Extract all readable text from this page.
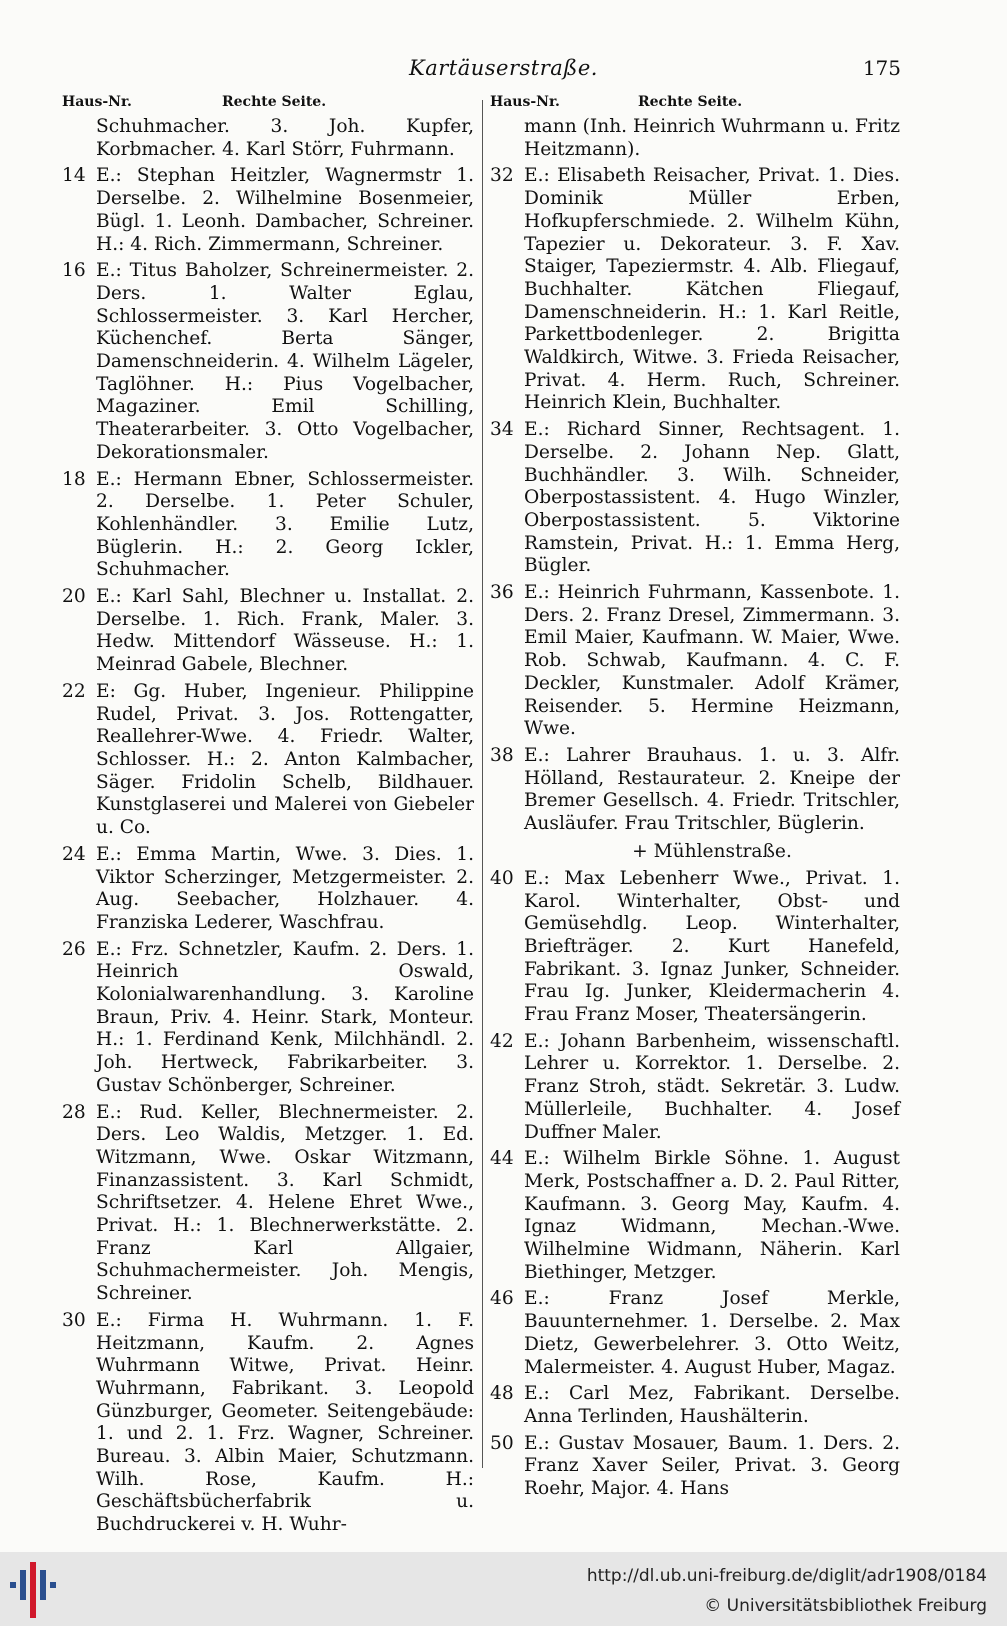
Kartäuserstraße.	175
Haus-Nr.	Rechte Seite.
Schuhmacher. 3. Joh. Kupfer, Korbmacher. 4. Karl Störr, Fuhrmann.
14 E.: Stephan Heitzler, Wagnermstr 1. Derselbe. 2. Wilhelmine Bosenmeier, Bügl. 1. Leonh. Dambacher, Schreiner. H.: 4. Rich. Zimmermann, Schreiner.
16 E.: Titus Baholzer, Schreinermeister. 2. Ders. 1. Walter Eglau, Schlossermeister. 3. Karl Hercher, Küchenchef. Berta Sänger, Damenschneiderin. 4. Wilhelm Lägeler, Taglöhner. H.: Pius Vogelbacher, Magaziner. Emil Schilling, Theaterarbeiter. 3. Otto Vogelbacher, Dekorationsmaler.
18 E.: Hermann Ebner, Schlossermeister. 2. Derselbe. 1. Peter Schuler, Kohlenhändler. 3. Emilie Lutz, Büglerin. H.: 2. Georg Ickler, Schuhmacher.
20 E.: Karl Sahl, Blechner u. Installat. 2. Derselbe. 1. Rich. Frank, Maler. 3. Hedw. Mittendorf Wässeuse. H.: 1. Meinrad Gabele, Blechner.
22 E: Gg. Huber, Ingenieur. Philippine Rudel, Privat. 3. Jos. Rottengatter, Reallehrer-Wwe. 4. Friedr. Walter, Schlosser. H.: 2. Anton Kalmbacher, Säger. Fridolin Schelb, Bildhauer. Kunstglaserei und Malerei von Giebeler u. Co.
24 E.: Emma Martin, Wwe. 3. Dies. 1. Viktor Scherzinger, Metzgermeister. 2. Aug. Seebacher, Holzhauer. 4. Franziska Lederer, Waschfrau.
26 E.: Frz. Schnetzler, Kaufm. 2. Ders. 1. Heinrich Oswald, Kolonialwarenhandlung. 3. Karoline Braun, Priv. 4. Heinr. Stark, Monteur. H.: 1. Ferdinand Kenk, Milchhändl. 2. Joh. Hertweck, Fabrikarbeiter. 3. Gustav Schönberger, Schreiner.
28 E.: Rud. Keller, Blechnermeister. 2. Ders. Leo Waldis, Metzger. 1. Ed. Witzmann, Wwe. Oskar Witzmann, Finanzassistent. 3. Karl Schmidt, Schriftsetzer. 4. Helene Ehret Wwe., Privat. H.: 1. Blechnerwerkstätte. 2. Franz Karl Allgaier, Schuhmachermeister. Joh. Mengis, Schreiner.
30 E.: Firma H. Wuhrmann. 1. F. Heitzmann, Kaufm. 2. Agnes Wuhrmann Witwe, Privat. Heinr. Wuhrmann, Fabrikant. 3. Leopold Günzburger, Geometer. Seitengebäude: 1. und 2. 1. Frz. Wagner, Schreiner. Bureau. 3. Albin Maier, Schutzmann. Wilh. Rose, Kaufm. H.: Geschäftsbücherfabrik u. Buchdruckerei v. H. Wuhr-
Haus-Nr.	Rechte Seite.
mann (Inh. Heinrich Wuhrmann u. Fritz Heitzmann).
32 E.: Elisabeth Reisacher, Privat. 1. Dies. Dominik Müller Erben, Hofkupferschmiede. 2. Wilhelm Kühn, Tapezier u. Dekorateur. 3. F. Xav. Staiger, Tapeziermstr. 4. Alb. Fliegauf, Buchhalter. Kätchen Fliegauf, Damenschneiderin. H.: 1. Karl Reitle, Parkettbodenleger. 2. Brigitta Waldkirch, Witwe. 3. Frieda Reisacher, Privat. 4. Herm. Ruch, Schreiner. Heinrich Klein, Buchhalter.
34 E.: Richard Sinner, Rechtsagent. 1. Derselbe. 2. Johann Nep. Glatt, Buchhändler. 3. Wilh. Schneider, Oberpostassistent. 4. Hugo Winzler, Oberpostassistent. 5. Viktorine Ramstein, Privat. H.: 1. Emma Herg, Bügler.
36 E.: Heinrich Fuhrmann, Kassenbote. 1. Ders. 2. Franz Dresel, Zimmermann. 3. Emil Maier, Kaufmann. W. Maier, Wwe. Rob. Schwab, Kaufmann. 4. C. F. Deckler, Kunstmaler. Adolf Krämer, Reisender. 5. Hermine Heizmann, Wwe.
38 E.: Lahrer Brauhaus. 1. u. 3. Alfr. Hölland, Restaurateur. 2. Kneipe der Bremer Gesellsch. 4. Friedr. Tritschler, Ausläufer. Frau Tritschler, Büglerin.
+ Mühlenstraße.
40 E.: Max Lebenherr Wwe., Privat. 1. Karol. Winterhalter, Obst- und Gemüsehdlg. Leop. Winterhalter, Briefträger. 2. Kurt Hanefeld, Fabrikant. 3. Ignaz Junker, Schneider. Frau Ig. Junker, Kleidermacherin 4. Frau Franz Moser, Theatersängerin.
42 E.: Johann Barbenheim, wissenschaftl. Lehrer u. Korrektor. 1. Derselbe. 2. Franz Stroh, städt. Sekretär. 3. Ludw. Müllerleile, Buchhalter. 4. Josef Duffner Maler.
44 E.: Wilhelm Birkle Söhne. 1. August Merk, Postschaffner a. D. 2. Paul Ritter, Kaufmann. 3. Georg May, Kaufm. 4. Ignaz Widmann, Mechan.-Wwe. Wilhelmine Widmann, Näherin. Karl Biethinger, Metzger.
46 E.: Franz Josef Merkle, Bauunternehmer. 1. Derselbe. 2. Max Dietz, Gewerbelehrer. 3. Otto Weitz, Malermeister. 4. August Huber, Magaz.
48 E.: Carl Mez, Fabrikant. Derselbe. Anna Terlinden, Haushälterin.
50 E.: Gustav Mosauer, Baum. 1. Ders. 2. Franz Xaver Seiler, Privat. 3. Georg Roehr, Major. 4. Hans
http://dl.ub.uni-freiburg.de/diglit/adr1908/0184
© Universitätsbibliothek Freiburg
